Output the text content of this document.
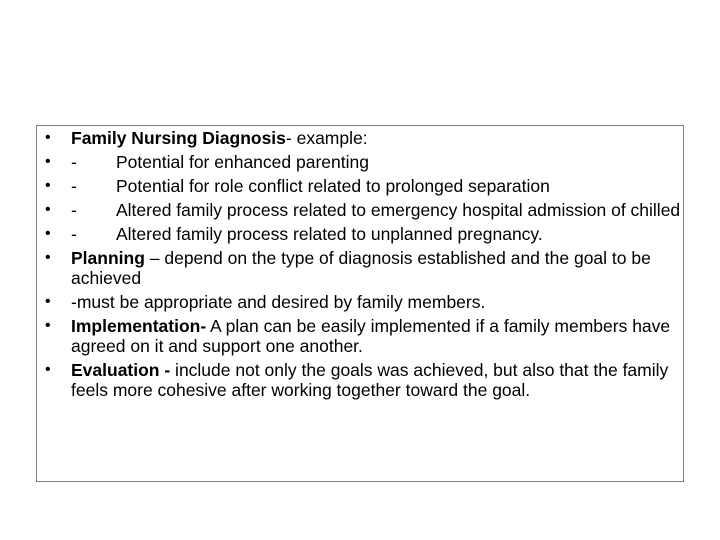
•	Family Nursing Diagnosis- example:
•	- Potential for enhanced parenting
•	- Potential for role conflict related to prolonged separation
•	- Altered family process related to emergency hospital admission of chilled
•	- Altered family process related to unplanned pregnancy.
•	Planning – depend on the type of diagnosis established and the goal to be achieved
•	-must be appropriate and desired by family members.
•	Implementation- A plan can be easily implemented if a family members have agreed on it and support one another.
•	Evaluation - include not only the goals was achieved, but also that the family feels more cohesive after working together toward the goal.
